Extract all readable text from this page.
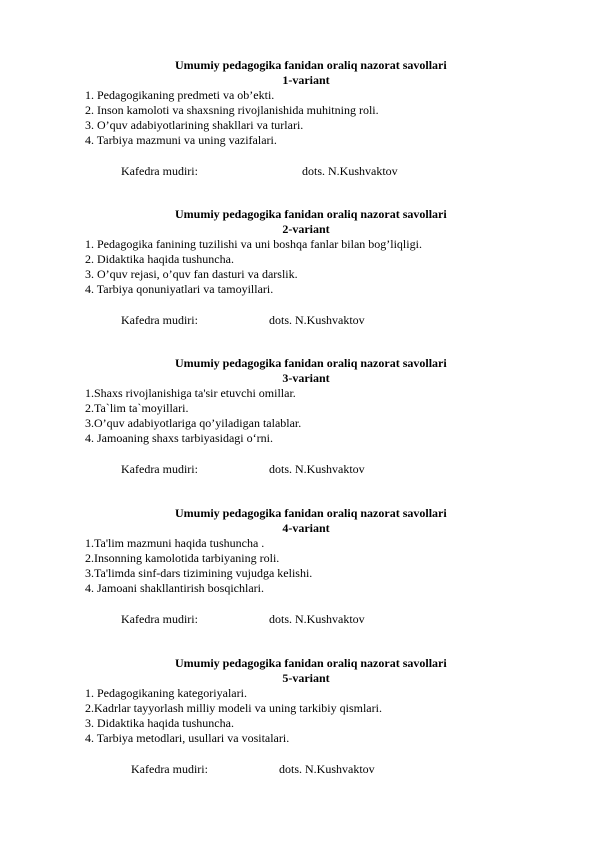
Umumiy pedagogika fanidan oraliq nazorat savollari
1-variant
1. Pedagogikaning predmeti va ob’ekti.
2. Inson kamoloti va shaxsning rivojlanishida muhitning roli.
3. O’quv adabiyotlarining shakllari va turlari.
4. Tarbiya mazmuni va uning vazifalari.
Kafedra mudiri:	dots. N.Kushvaktov
Umumiy pedagogika fanidan oraliq nazorat savollari
2-variant
1. Pedagogika fanining tuzilishi va uni boshqa fanlar bilan bog’liqligi.
2. Didaktika haqida tushuncha.
3. O’quv rejasi, o’quv fan dasturi va darslik.
4. Tarbiya qonuniyatlari va tamoyillari.
Kafedra mudiri:	dots. N.Kushvaktov
Umumiy pedagogika fanidan oraliq nazorat savollari
3-variant
1.Shaxs rivojlanishiga ta'sir etuvchi omillar.
2.Ta`lim ta`moyillari.
3.O’quv adabiyotlariga qo’yiladigan talablar.
4. Jamoaning shaxs tarbiyasidagi o‘rni.
Kafedra mudiri:	dots. N.Kushvaktov
Umumiy pedagogika fanidan oraliq nazorat savollari
4-variant
1.Ta'lim mazmuni haqida tushuncha .
2.Insonning kamolotida tarbiyaning roli.
3.Ta'limda sinf-dars tizimining vujudga kelishi.
4. Jamoani shakllantirish bosqichlari.
Kafedra mudiri:	dots. N.Kushvaktov
Umumiy pedagogika fanidan oraliq nazorat savollari
5-variant
1. Pedagogikaning kategoriyalari.
2.Kadrlar tayyorlash milliy modeli va uning tarkibiy qismlari.
3. Didaktika haqida tushuncha.
4. Tarbiya metodlari, usullari va vositalari.
Kafedra mudiri:	dots. N.Kushvaktov
